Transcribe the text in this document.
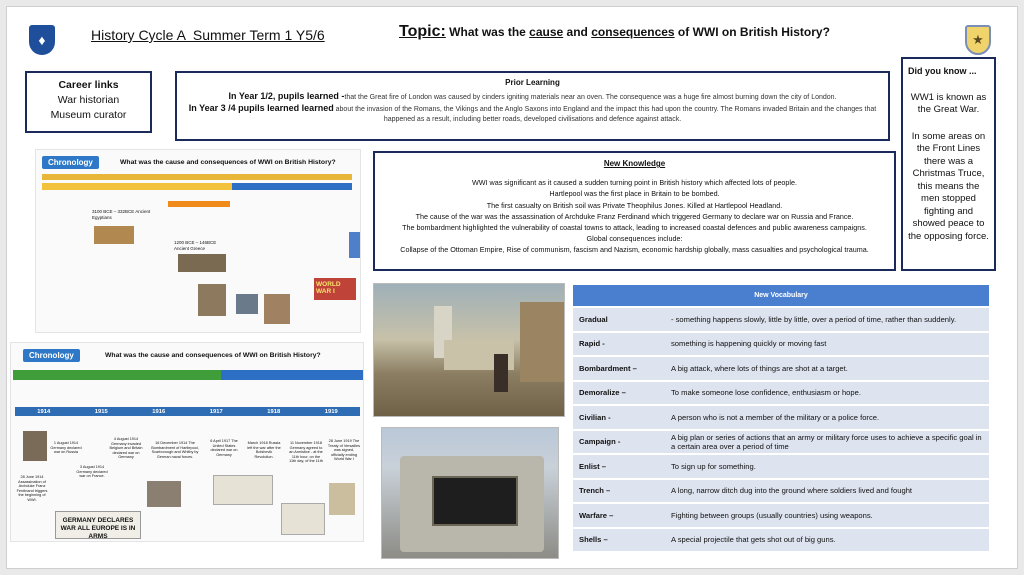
♦	History Cycle A  Summer Term 1 Y5/6	Topic: What was the cause and consequences of WWI on British History?	★
Career links
War historian
Museum curator
Prior Learning
In Year 1/2, pupils learned -that the Great fire of London was caused by cinders igniting materials near an oven. The consequence was a huge fire almost burning down the city of London.
In Year 3 /4 pupils learned learned about the invasion of the Romans, the Vikings and the Anglo Saxons into England and the impact this had upon the country. The Romans invaded Britain and the changes that happened as a result, including better roads, developed civilisations and defence against attack.
Did you know ...
WW1 is known as the Great War.
In some areas on the Front Lines there was a Christmas Truce, this means the men stopped fighting and showed peace to the opposing force.
New Knowledge
WWI was significant as it caused a sudden turning point in British history which affected lots of people.
Hartlepool was the first place in Britain to be bombed.
The first casualty on British soil was Private Theophilus Jones. Killed at Hartlepool Headland.
The cause of the war was the assassination of Archduke Franz Ferdinand which triggered Germany to declare war on Russia and France.
The bombardment highlighted the vulnerability of coastal towns to attack, leading to increased coastal defences and public awareness campaigns.
Global consequences include:
Collapse of the Ottoman Empire, Rise of communism, fascism and Nazism, economic hardship globally, mass casualties and psychological trauma.
Chronology	What was the cause and consequences of WWI on British History?
3100 BCE – 332BCE Ancient Egyptians
1200 BCE – 146BCE Ancient Greece
WORLD WAR I
Chronology	What was the cause and consequences of WWI on British History?
1914	1915	1916	1917	1918	1919
28 June 1914 Assassination of Archduke Franz Ferdinand triggers the beginning of WWI.
1 August 1914 Germany declared war on Russia
3 August 1914 Germany declared war on France.
4 August 1914 Germany invaded Belgium and Britain declared war on Germany
16 December 1914 The Bombardment of Hartlepool, Scarborough and Whitby by German naval forces.
6 April 1917 The United States declared war on Germany
March 1918 Russia left the war after the Bolshevik Revolution.
11 November 1918 Germany agreed to an Armistice - at the 11th hour, on the 11th day, of the 11th
28 June 1919 The Treaty of Versailles was signed, officially ending World War I
GERMANY DECLARES WAR ALL EUROPE IS IN ARMS
New Vocabulary	
Gradual	- something happens slowly, little by little, over a period of time, rather than suddenly.
Rapid -	something is happening quickly or moving fast
Bombardment –	A big attack, where lots of things are shot at a target.
Demoralize –	To make someone lose confidence, enthusiasm or hope.
Civilian -	A person who is not a member of the military or a police force.
Campaign -	A big plan or series of actions that an army or military force uses to achieve a specific goal in a certain area over a period of time
Enlist –	To sign up for something.
Trench –	A long, narrow ditch dug into the ground where soldiers lived and fought
Warfare –	Fighting between groups (usually countries) using weapons.
Shells –	A special projectile that gets shot out of big guns.
